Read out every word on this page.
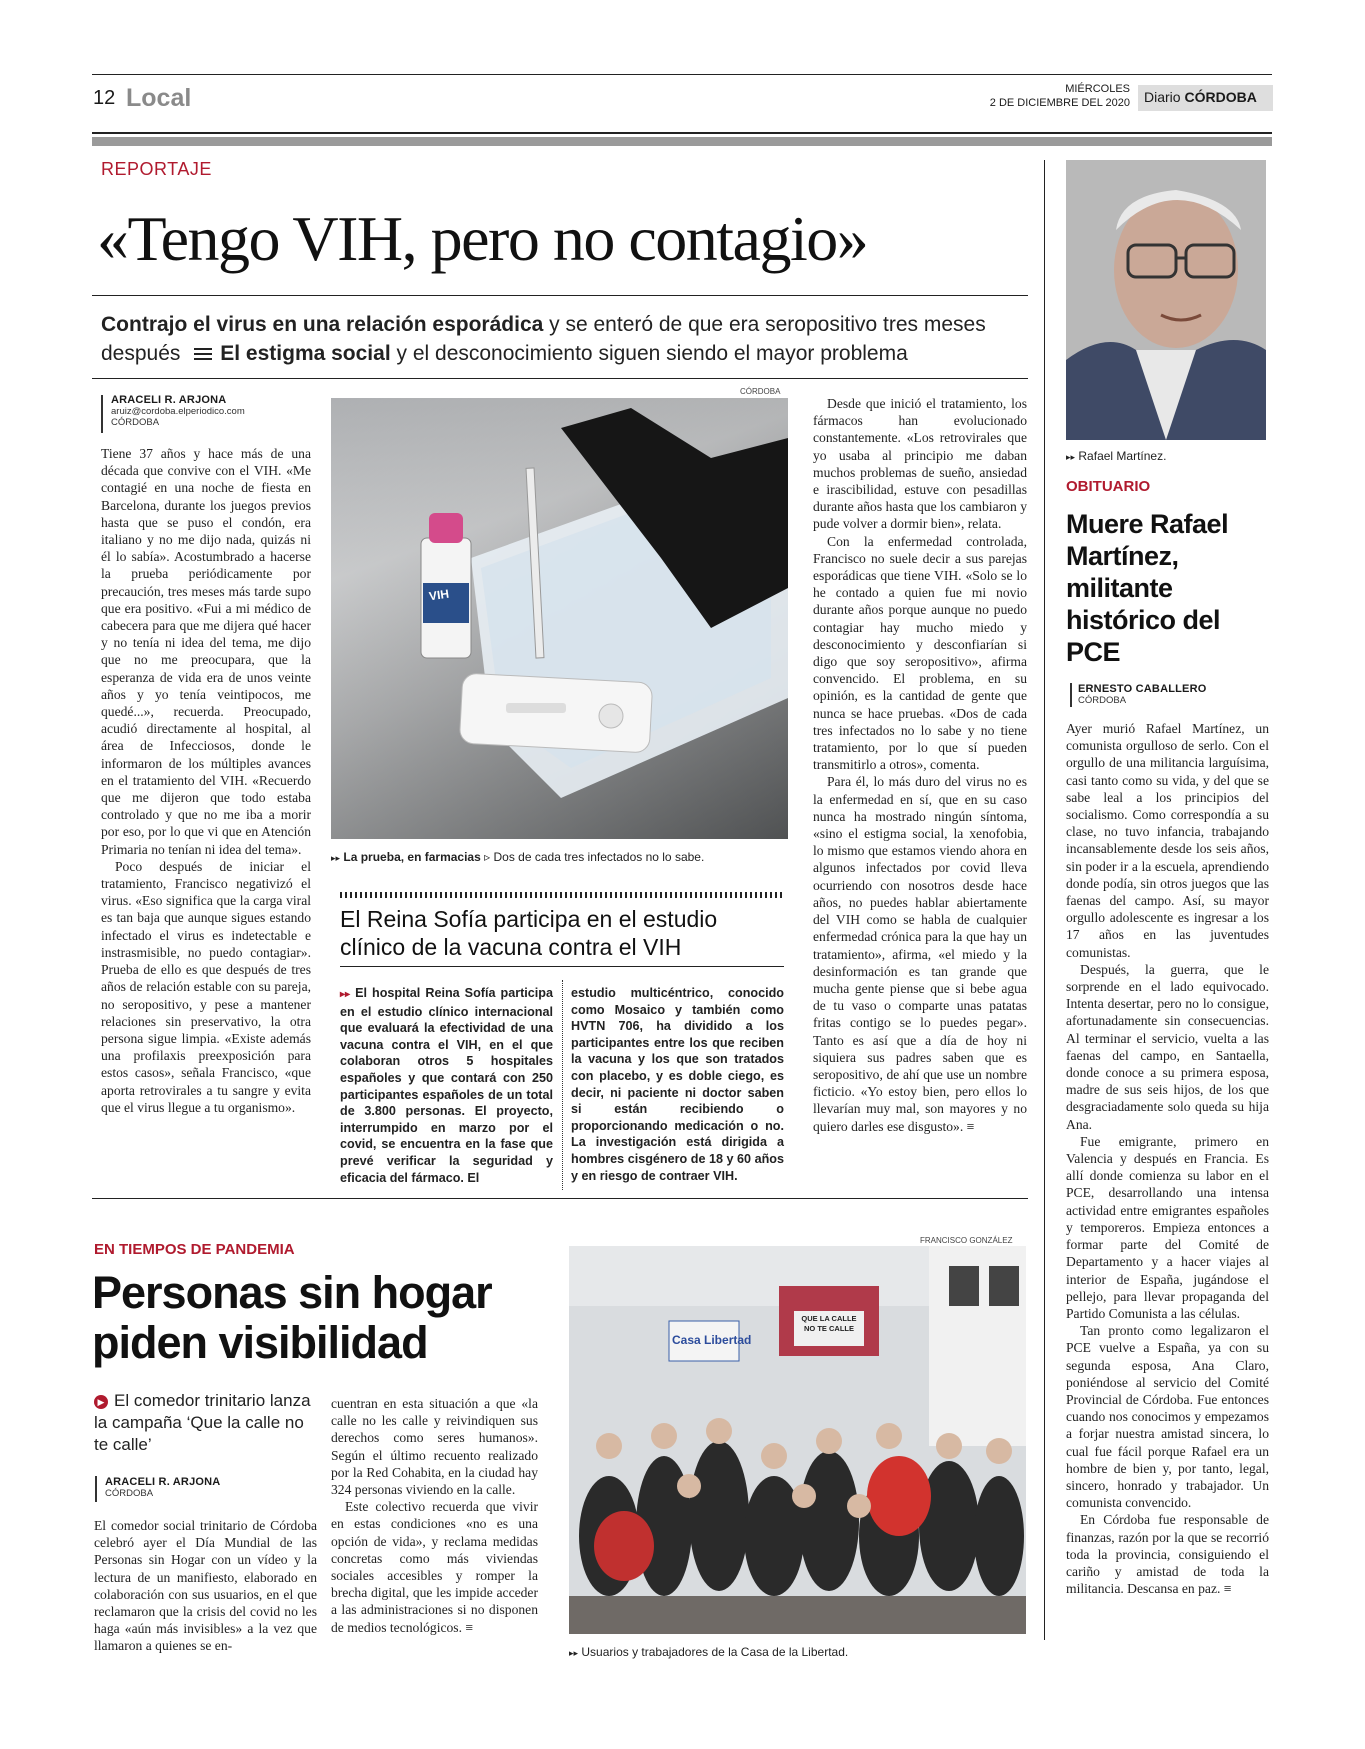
12 Local	MIÉRCOLES
2 DE DICIEMBRE DEL 2020	Diario CÓRDOBA
REPORTAJE
«Tengo VIH, pero no contagio»
Contrajo el virus en una relación esporádica y se enteró de que era seropositivo tres meses después El estigma social y el desconocimiento siguen siendo el mayor problema
ARACELI R. ARJONA
aruiz@cordoba.elperiodico.com
CÓRDOBA

Tiene 37 años y hace más de una década que convive con el VIH. «Me contagié en una noche de fiesta en Barcelona, durante los juegos previos hasta que se puso el condón, era italiano y no me dijo nada, quizás ni él lo sabía». Acostumbrado a hacerse la prueba periódicamente por precaución, tres meses más tarde supo que era positivo. «Fui a mi médico de cabecera para que me dijera qué hacer y no tenía ni idea del tema, me dijo que no me preocupara, que la esperanza de vida era de unos veinte años y yo tenía veintipocos, me quedé...», recuerda. Preocupado, acudió directamente al hospital, al área de Infecciosos, donde le informaron de los múltiples avances en el tratamiento del VIH. «Recuerdo que me dijeron que todo estaba controlado y que no me iba a morir por eso, por lo que vi que en Atención Primaria no tenían ni idea del tema».

Poco después de iniciar el tratamiento, Francisco negativizó el virus. «Eso significa que la carga viral es tan baja que aunque sigues estando infectado el virus es indetectable e instrasmisible, no puedo contagiar». Prueba de ello es que después de tres años de relación estable con su pareja, no seropositivo, y pese a mantener relaciones sin preservativo, la otra persona sigue limpia. «Existe además una profilaxis preexposición para estos casos», señala Francisco, «que aporta retrovirales a tu sangre y evita que el virus llegue a tu organismo».

CÓRDOBA
VIH
▸▸ La prueba, en farmacias ▹ Dos de cada tres infectados no lo sabe.

Desde que inició el tratamiento, los fármacos han evolucionado constantemente. «Los retrovirales que yo usaba al principio me daban muchos problemas de sueño, ansiedad e irascibilidad, estuve con pesadillas durante años hasta que los cambiaron y pude volver a dormir bien», relata.

Con la enfermedad controlada, Francisco no suele decir a sus parejas esporádicas que tiene VIH. «Solo se lo he contado a quien fue mi novio durante años porque aunque no puedo contagiar hay mucho miedo y desconocimiento y desconfiarían si digo que soy seropositivo», afirma convencido. El problema, en su opinión, es la cantidad de gente que nunca se hace pruebas. «Dos de cada tres infectados no lo sabe y no tiene tratamiento, por lo que sí pueden transmitirlo a otros», comenta.

Para él, lo más duro del virus no es la enfermedad en sí, que en su caso nunca ha mostrado ningún síntoma, «sino el estigma social, la xenofobia, lo mismo que estamos viendo ahora en algunos infectados por covid lleva ocurriendo con nosotros desde hace años, no puedes hablar abiertamente del VIH como se habla de cualquier enfermedad crónica para la que hay un tratamiento», afirma, «el miedo y la desinformación es tan grande que mucha gente piense que si bebe agua de tu vaso o comparte unas patatas fritas contigo se lo puedes pegar». Tanto es así que a día de hoy ni siquiera sus padres saben que es seropositivo, de ahí que use un nombre ficticio. «Yo estoy bien, pero ellos lo llevarían muy mal, son mayores y no quiero darles ese disgusto». ≡

El Reina Sofía participa en el estudio clínico de la vacuna contra el VIH
▸▸ El hospital Reina Sofía participa en el estudio clínico internacional que evaluará la efectividad de una vacuna contra el VIH, en el que colaboran otros 5 hospitales españoles y que contará con 250 participantes españoles de un total de 3.800 personas. El proyecto, interrumpido en marzo por el covid, se encuentra en la fase que prevé verificar la seguridad y eficacia del fármaco. El
estudio multicéntrico, conocido como Mosaico y también como HVTN 706, ha dividido a los participantes entre los que reciben la vacuna y los que son tratados con placebo, y es doble ciego, es decir, ni paciente ni doctor saben si están recibiendo o proporcionando medicación o no. La investigación está dirigida a hombres cisgénero de 18 y 60 años y en riesgo de contraer VIH.
▸▸ Rafael Martínez.
OBITUARIO
Muere Rafael Martínez, militante histórico del PCE
ERNESTO CABALLERO
CÓRDOBA

Ayer murió Rafael Martínez, un comunista orgulloso de serlo. Con el orgullo de una militancia larguísima, casi tanto como su vida, y del que se sabe leal a los principios del socialismo. Como correspondía a su clase, no tuvo infancia, trabajando incansablemente desde los seis años, sin poder ir a la escuela, aprendiendo donde podía, sin otros juegos que las faenas del campo. Así, su mayor orgullo adolescente es ingresar a los 17 años en las juventudes comunistas.

Después, la guerra, que le sorprende en el lado equivocado. Intenta desertar, pero no lo consigue, afortunadamente sin consecuencias. Al terminar el servicio, vuelta a las faenas del campo, en Santaella, donde conoce a su primera esposa, madre de sus seis hijos, de los que desgraciadamente solo queda su hija Ana.

Fue emigrante, primero en Valencia y después en Francia. Es allí donde comienza su labor en el PCE, desarrollando una intensa actividad entre emigrantes españoles y temporeros. Empieza entonces a formar parte del Comité de Departamento y a hacer viajes al interior de España, jugándose el pellejo, para llevar propaganda del Partido Comunista a las células.

Tan pronto como legalizaron el PCE vuelve a España, ya con su segunda esposa, Ana Claro, poniéndose al servicio del Comité Provincial de Córdoba. Fue entonces cuando nos conocimos y empezamos a forjar nuestra amistad sincera, lo cual fue fácil porque Rafael era un hombre de bien y, por tanto, legal, sincero, honrado y trabajador. Un comunista convencido.

En Córdoba fue responsable de finanzas, razón por la que se recorrió toda la provincia, consiguiendo el cariño y amistad de toda la militancia. Descansa en paz. ≡

EN TIEMPOS DE PANDEMIA
Personas sin hogar piden visibilidad
▶ El comedor trinitario lanza la campaña ‘Que la calle no te calle’
ARACELI R. ARJONA
CÓRDOBA

El comedor social trinitario de Córdoba celebró ayer el Día Mundial de las Personas sin Hogar con un vídeo y la lectura de un manifiesto, elaborado en colaboración con sus usuarios, en el que reclamaron que la crisis del covid no les haga «aún más invisibles» a la vez que llamaron a quienes se en-

cuentran en esta situación a que «la calle no les calle y reivindiquen sus derechos como seres humanos». Según el último recuento realizado por la Red Cohabita, en la ciudad hay 324 personas viviendo en la calle.

Este colectivo recuerda que vivir en estas condiciones «no es una opción de vida», y reclama medidas concretas como más viviendas sociales accesibles y romper la brecha digital, que les impide acceder a las administraciones si no disponen de medios tecnológicos. ≡

FRANCISCO GONZÁLEZ
Casa Libertad
QUE LA CALLE NO TE CALLE
▸▸ Usuarios y trabajadores de la Casa de la Libertad.
